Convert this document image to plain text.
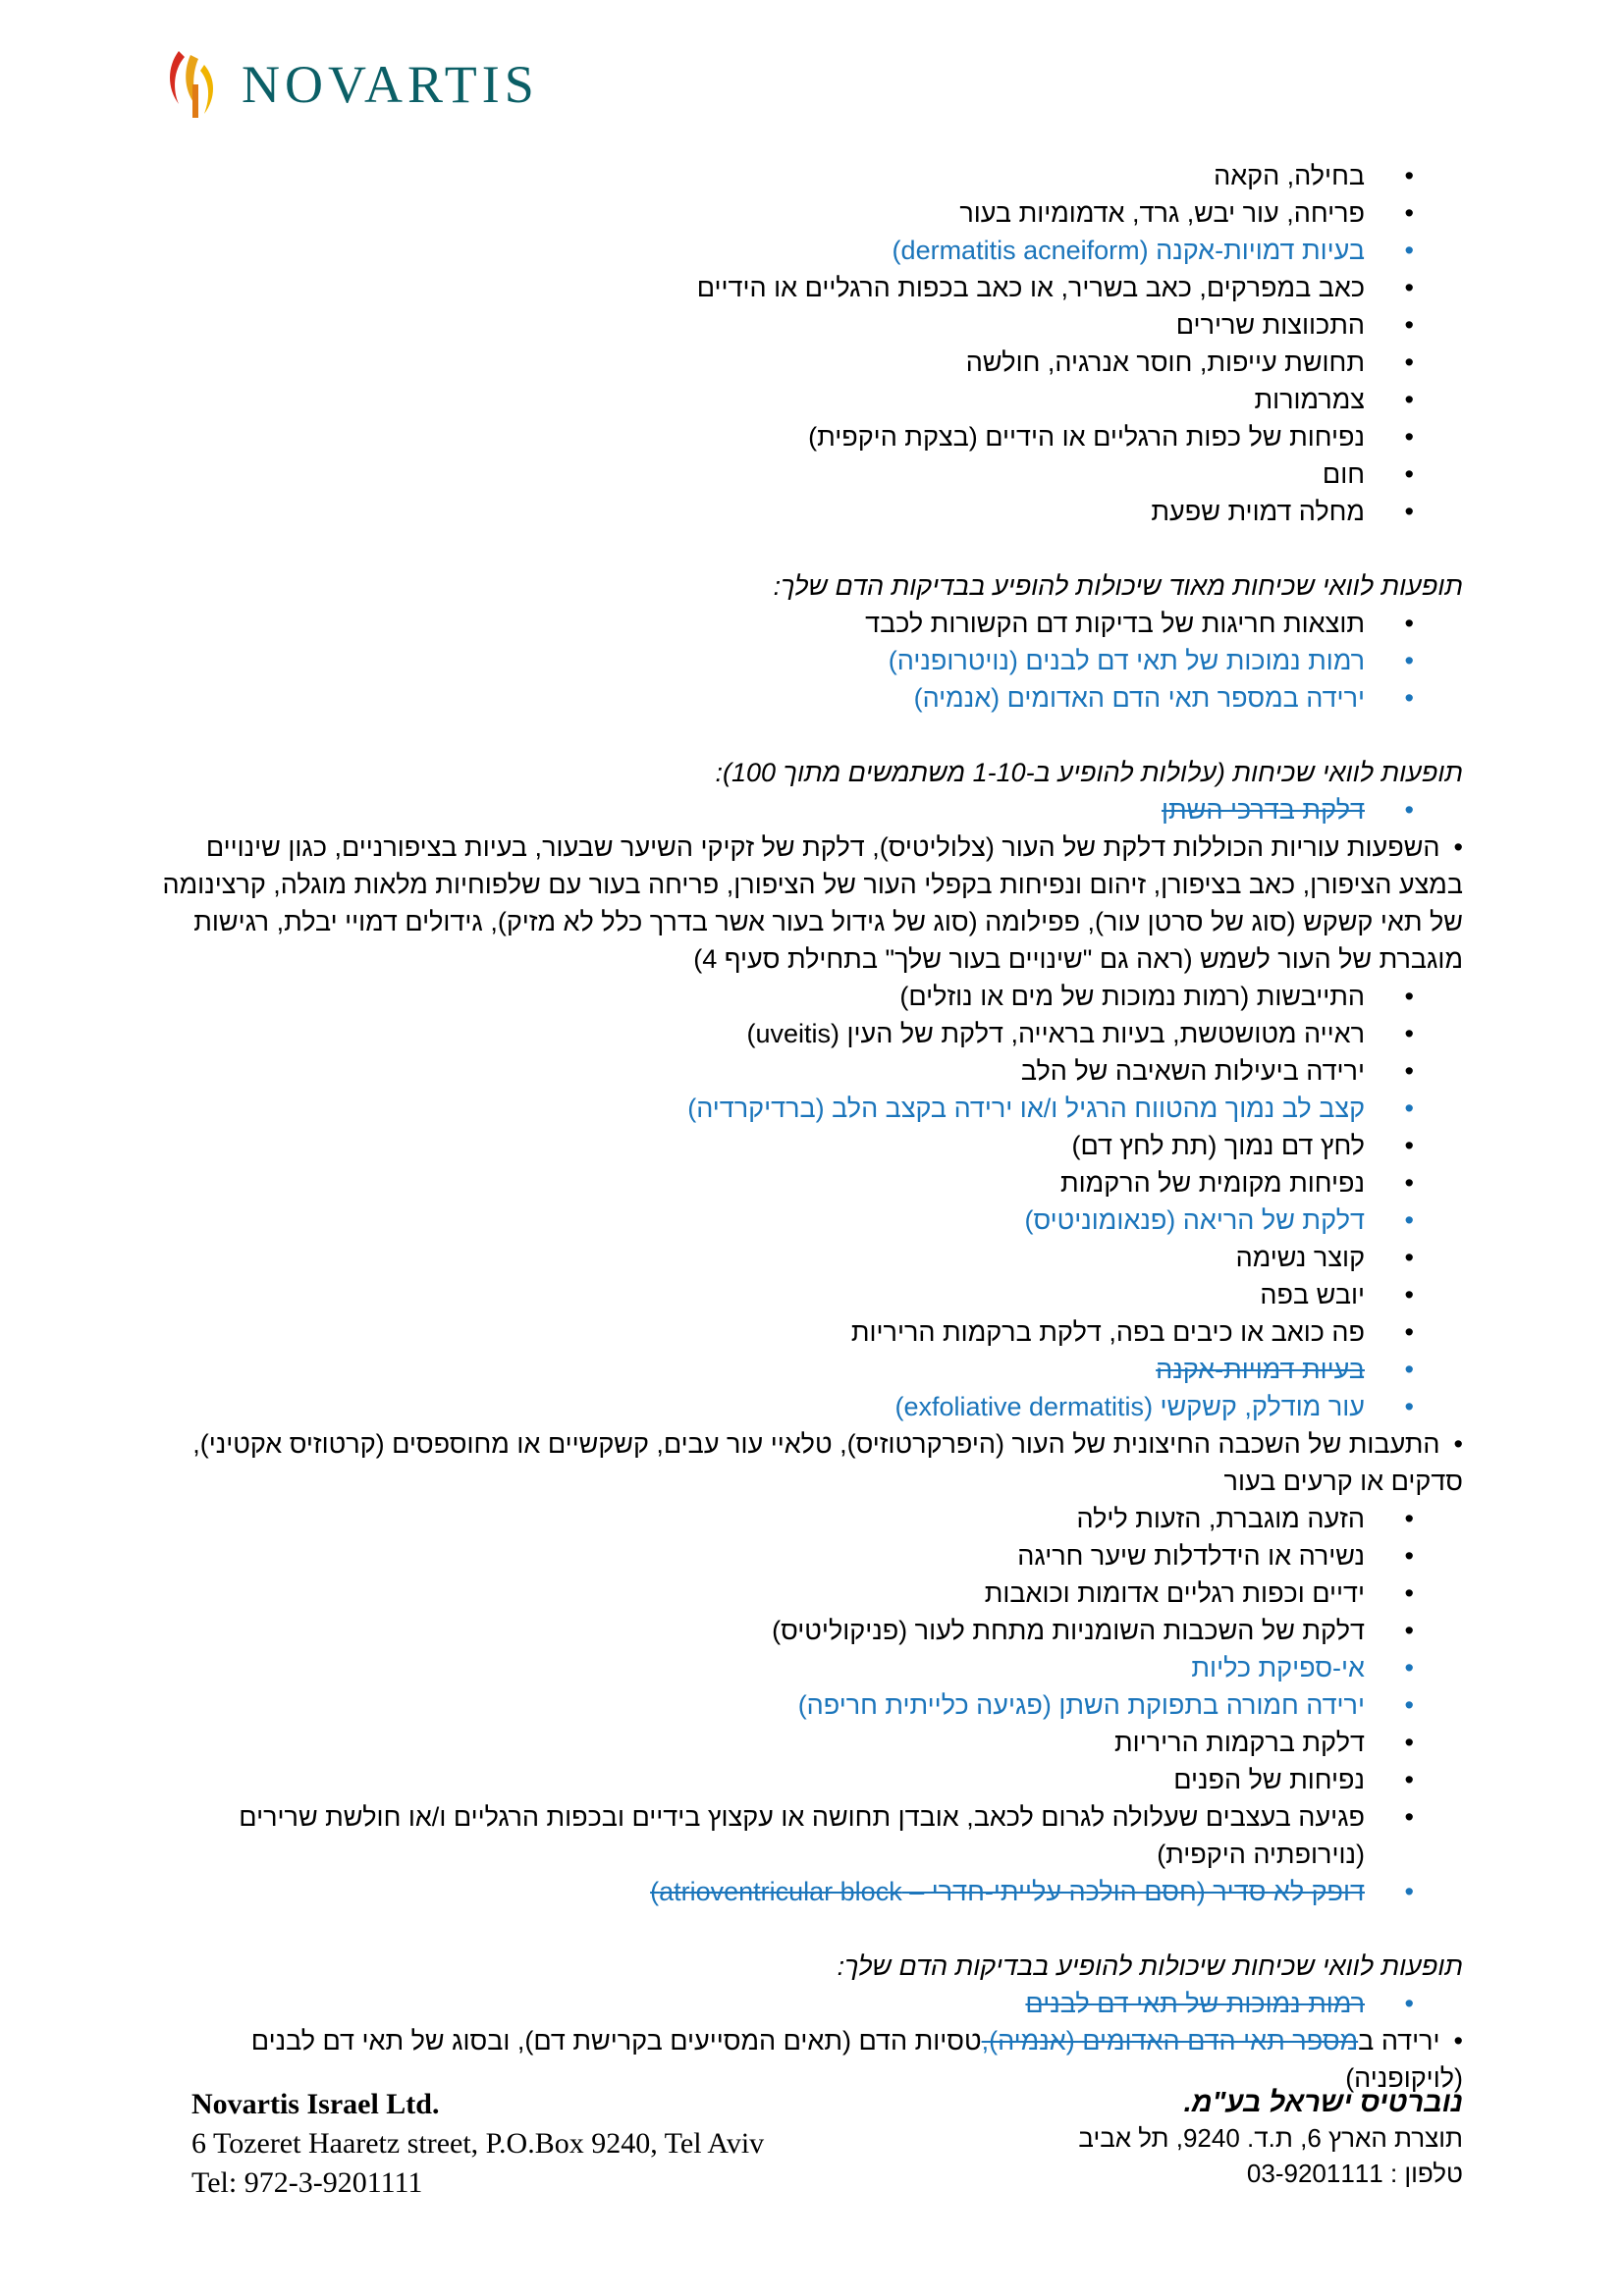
NOVARTIS
• בחילה, הקאה
• פריחה, עור יבש, גרד, אדמומיות בעור
• בעיות דמויות-אקנה (dermatitis acneiform)
• כאב במפרקים, כאב בשריר, או כאב בכפות הרגליים או הידיים
• התכווצות שרירים
• תחושת עייפות, חוסר אנרגיה, חולשה
• צמרמורות
• נפיחות של כפות הרגליים או הידיים (בצקת היקפית)
• חום
• מחלה דמוית שפעת

תופעות לוואי שכיחות מאוד שיכולות להופיע בבדיקות הדם שלך:

• תוצאות חריגות של בדיקות דם הקשורות לכבד
• רמות נמוכות של תאי דם לבנים (נויטרופניה)
• ירידה במספר תאי הדם האדומים (אנמיה)

תופעות לוואי שכיחות (עלולות להופיע ב-1-10 משתמשים מתוך 100):

• דלקת בדרכי השתן
• השפעות עוריות הכוללות דלקת של העור (צלוליטיס), דלקת של זקיקי השיער שבעור, בעיות בציפורניים, כגון שינויים במצע הציפורן, כאב בציפורן, זיהום ונפיחות בקפלי העור של הציפורן, פריחה בעור עם שלפוחיות מלאות מוגלה, קרצינומה של תאי קשקש (סוג של סרטן עור), פפילומה (סוג של גידול בעור אשר בדרך כלל לא מזיק), גידולים דמויי יבלת, רגישות מוגברת של העור לשמש (ראה גם "שינויים בעור שלך" בתחילת סעיף 4)
• התייבשות (רמות נמוכות של מים או נוזלים)
• ראייה מטושטשת, בעיות בראייה, דלקת של העין (uveitis)
• ירידה ביעילות השאיבה של הלב
• קצב לב נמוך מהטווח הרגיל ו/או ירידה בקצב הלב (ברדיקרדיה)
• לחץ דם נמוך (תת לחץ דם)
• נפיחות מקומית של הרקמות
• דלקת של הריאה (פנאומוניטיס)
• קוצר נשימה
• יובש בפה
• פה כואב או כיבים בפה, דלקת ברקמות הריריות
• בעיות דמויות-אקנה
• עור מודלק, קשקשי (exfoliative dermatitis)
• התעבות של השכבה החיצונית של העור (היפרקרטוזיס), טלאיי עור עבים, קשקשיים או מחוספסים (קרטוזיס אקטיני), סדקים או קרעים בעור
• הזעה מוגברת, הזעות לילה
• נשירה או הידלדלות שיער חריגה
• ידיים וכפות רגליים אדומות וכואבות
• דלקת של השכבות השומניות מתחת לעור (פניקוליטיס)
• אי-ספיקת כליות
• ירידה חמורה בתפוקת השתן (פגיעה כלייתית חריפה)
• דלקת ברקמות הריריות
• נפיחות של הפנים
• פגיעה בעצבים שעלולה לגרום לכאב, אובדן תחושה או עקצוץ בידיים ובכפות הרגליים ו/או חולשת שרירים (נוירופתיה היקפית)
• דופק לא סדיר (חסם הולכה עלייתי-חדרי – atrioventricular block)

תופעות לוואי שכיחות שיכולות להופיע בבדיקות הדם שלך:

• רמות נמוכות של תאי דם לבנים
• ירידה במספר תאי הדם האדומים (אנמיה),טסיות הדם (תאים המסייעים בקרישת דם), ובסוג של תאי דם לבנים (לויקופניה)
Novartis Israel Ltd.
6 Tozeret Haaretz street, P.O.Box 9240, Tel Aviv
Tel: 972-3-9201111
נוברטיס ישראל בע"מ.
תוצרת הארץ 6, ת.ד. 9240, תל אביב
טלפון : 03-9201111
